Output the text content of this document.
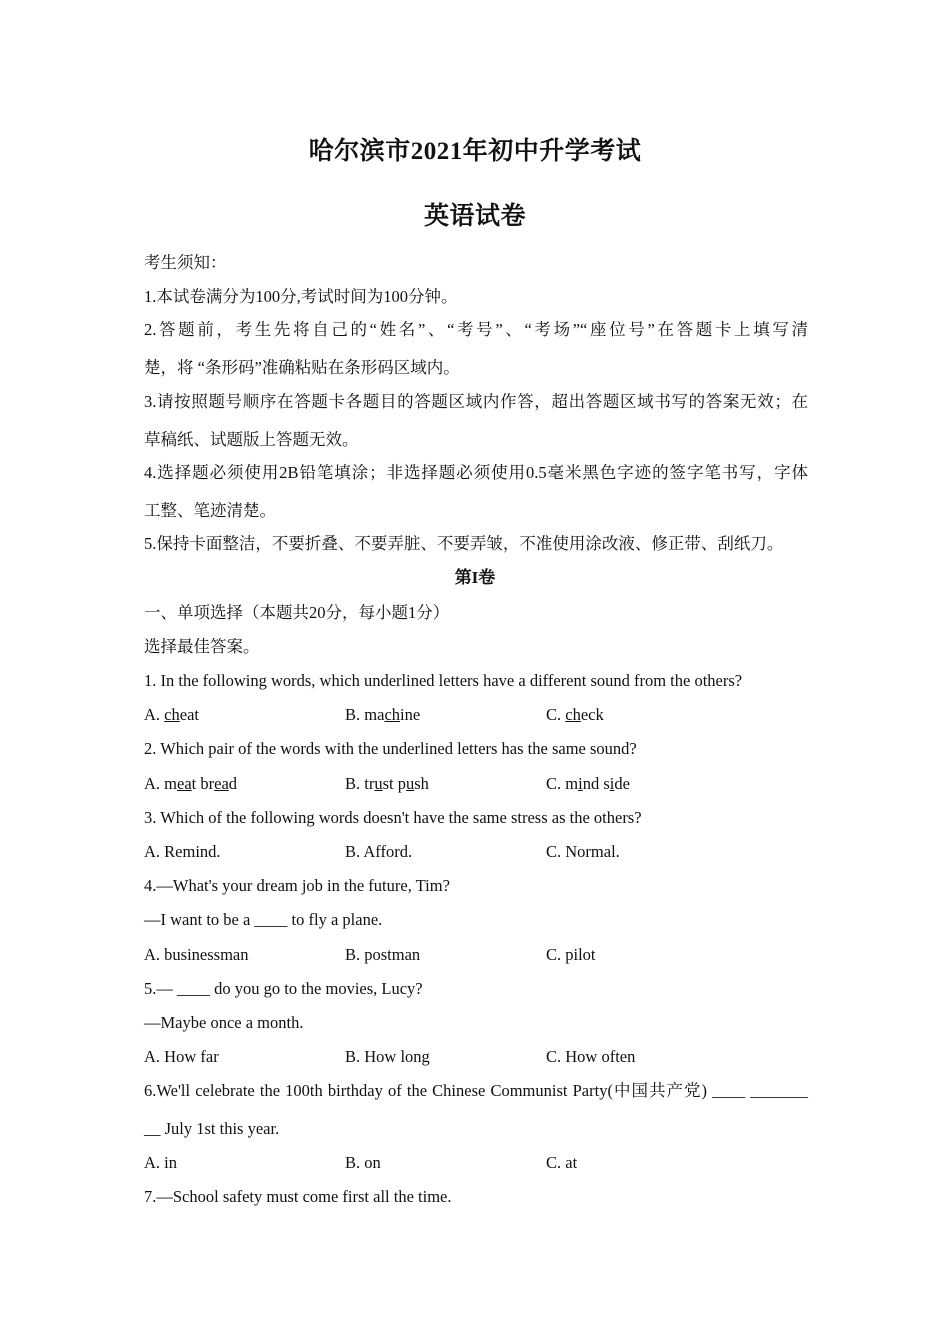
哈尔滨市2021年初中升学考试
英语试卷
考生须知：
1.本试卷满分为100分,考试时间为100分钟。
2.答题前，考生先将自己的“姓名”、“考号”、“考场”“座位号”在答题卡上填写清
楚，将 “条形码”准确粘贴在条形码区域内。
3.请按照题号顺序在答题卡各题目的答题区域内作答，超出答题区域书写的答案无效；在
草稿纸、试题版上答题无效。
4.选择题必须使用2B铅笔填涂；非选择题必须使用0.5毫米黑色字迹的签字笔书写，字体
工整、笔迹清楚。
5.保持卡面整洁，不要折叠、不要弄脏、不要弄皱，不准使用涂改液、修正带、刮纸刀。
第I卷
一、单项选择（本题共20分，每小题1分）
选择最佳答案。
1. In the following words, which underlined letters have a different sound from the others?
A. cheat	B. machine	C. check
2. Which pair of the words with the underlined letters has the same sound?
A. meat bread	B. trust push	C. mind side
3. Which of the following words doesn't have the same stress as the others?
A. Remind.	B. Afford.	C. Normal.
4.—What's your dream job in the future, Tim?
—I want to be a ____ to fly a plane.
A. businessman	B. postman	C. pilot
5.— ____ do you go to the movies, Lucy?
—Maybe once a month.
A. How far	B. How long	C. How often
6.We'll celebrate the 100th birthday of the Chinese Communist Party(中国共产党) ____ _______
__ July 1st this year.
A. in	B. on	C. at
7.—School safety must come first all the time.
